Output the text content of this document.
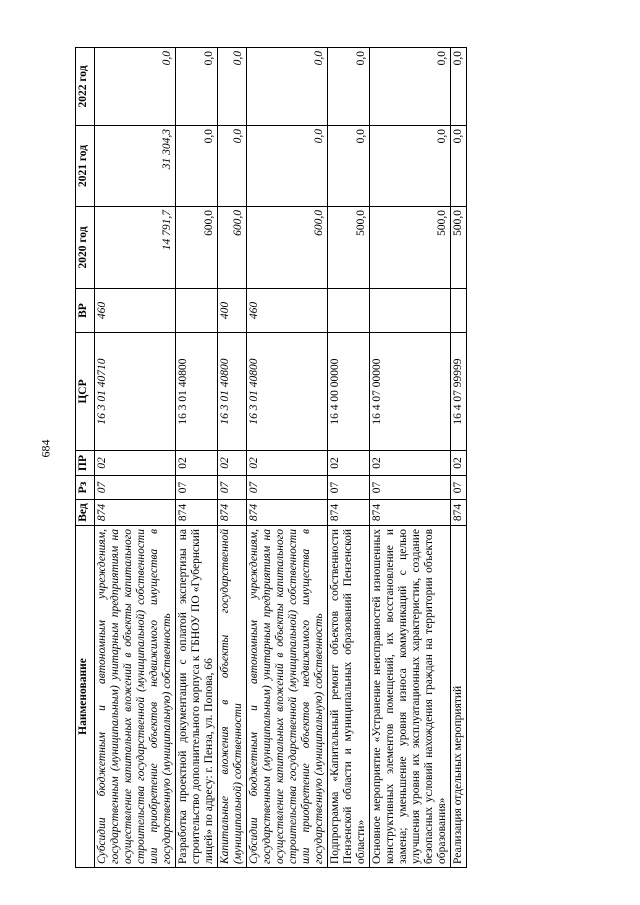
684
Наименование	Вед	Рз	ПР	ЦСР	ВР	2020 год	2021 год	2022 год
Субсидии бюджетным и автономным учреждениям, государственным (муниципальным) унитарным предприятиям на осуществление капитальных вложений в объекты капитального строительства государственной (муниципальной) собственности или приобретение объектов недвижимого имущества в государственную (муниципальную) собственность	874	07	02	16 3 01 40710	460	14 791,7	31 304,3	0,0
Разработка проектной документации с оплатой экспертизы на строительство дополнительного корпуса к ГБНОУ ПО «Губернский лицей» по адресу: г. Пенза, ул. Попова, 66	874	07	02	16 3 01 40800		600,0	0,0	0,0
Капитальные вложения в объекты государственной (муниципальной) собственности	874	07	02	16 3 01 40800	400	600,0	0,0	0,0
Субсидии бюджетным и автономным учреждениям, государственным (муниципальным) унитарным предприятиям на осуществление капитальных вложений в объекты капитального строительства государственной (муниципальной) собственности или приобретение объектов недвижимого имущества в государственную (муниципальную) собственность	874	07	02	16 3 01 40800	460	600,0	0,0	0,0
Подпрограмма «Капитальный ремонт объектов собственности Пензенской области и муниципальных образований Пензенской области»	874	07	02	16 4 00 00000		500,0	0,0	0,0
Основное мероприятие «Устранение неисправностей изношенных конструктивных элементов помещений, их восстановление и замена; уменьшение уровня износа коммуникаций с целью улучшения уровня их эксплуатационных характеристик, создание безопасных условий нахождения граждан на территории объектов образования»	874	07	02	16 4 07 00000		500,0	0,0	0,0
Реализация отдельных мероприятий	874	07	02	16 4 07 99999		500,0	0,0	0,0
